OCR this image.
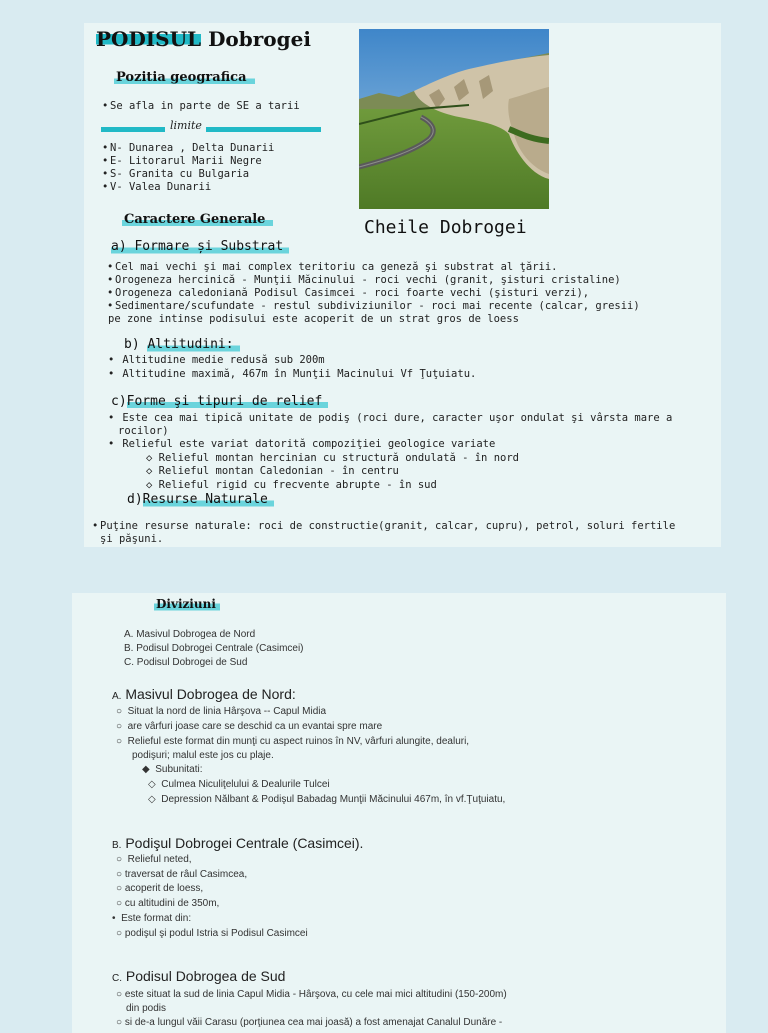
PODISUL Dobrogei
Pozitia geografica
• Se afla in parte de SE a tarii
limite
• N- Dunarea , Delta Dunarii
• E- Litorarul Marii Negre
• S- Granita cu Bulgaria
• V- Valea Dunarii
Cheile Dobrogei
Caractere Generale
a) Formare și Substrat
• Cel mai vechi şi mai complex teritoriu ca geneză şi substrat al ţării.
• Orogeneza hercinică - Munţii Măcinului - roci vechi (granit, şisturi cristaline)
• Orogeneza caledoniană Podisul Casimcei - roci foarte vechi (şisturi verzi),
• Sedimentare/scufundate - restul subdiviziunilor - roci mai recente (calcar, gresii)
pe zone intinse podisului este acoperit de un strat gros de loess
b) Altitudini:
• Altitudine medie redusă sub 200m
• Altitudine maximă, 467m în Munţii Macinului Vf Ţuţuiatu.
c)Forme şi tipuri de relief
• Este cea mai tipică unitate de podiş (roci dure, caracter uşor ondulat şi vârsta mare a
rocilor)
• Relieful este variat datorită compoziţiei geologice variate
◇ Relieful montan hercinian cu structură ondulată - în nord
◇ Relieful montan Caledonian - în centru
◇ Relieful rigid cu frecvente abrupte - în sud
d)Resurse Naturale
• Puţine resurse naturale: roci de constructie(granit, calcar, cupru), petrol, soluri fertile
şi păşuni.
Diviziuni
A. Masivul Dobrogea de Nord
B. Podisul Dobrogei Centrale (Casimcei)
C. Podisul Dobrogei de Sud
A. Masivul Dobrogea de Nord:
○  Situat la nord de linia Hârşova -- Capul Midia
○  are vârfuri joase care se deschid ca un evantai spre mare
○  Relieful este format din munţi cu aspect ruinos în NV, vârfuri alungite, dealuri,
podişuri; malul este jos cu plaje.
◆  Subunitati:
◇  Culmea Niculiţelului & Dealurile Tulcei
◇  Depression Nălbant & Podişul Babadag Munţii Măcinului 467m, în vf.Ţuţuiatu,
B. Podişul Dobrogei Centrale (Casimcei).
○  Relieful neted,
○ traversat de râul Casimcea,
○ acoperit de loess,
○ cu altitudini de 350m,
•  Este format din:
○ podişul şi podul Istria si Podisul Casimcei
C. Podisul Dobrogea de Sud
○ este situat la sud de linia Capul Midia - Hârşova, cu cele mai mici altitudini (150-200m)
din podis
○ si de-a lungul văii Carasu (porţiunea cea mai joasă) a fost amenajat Canalul Dunăre -
